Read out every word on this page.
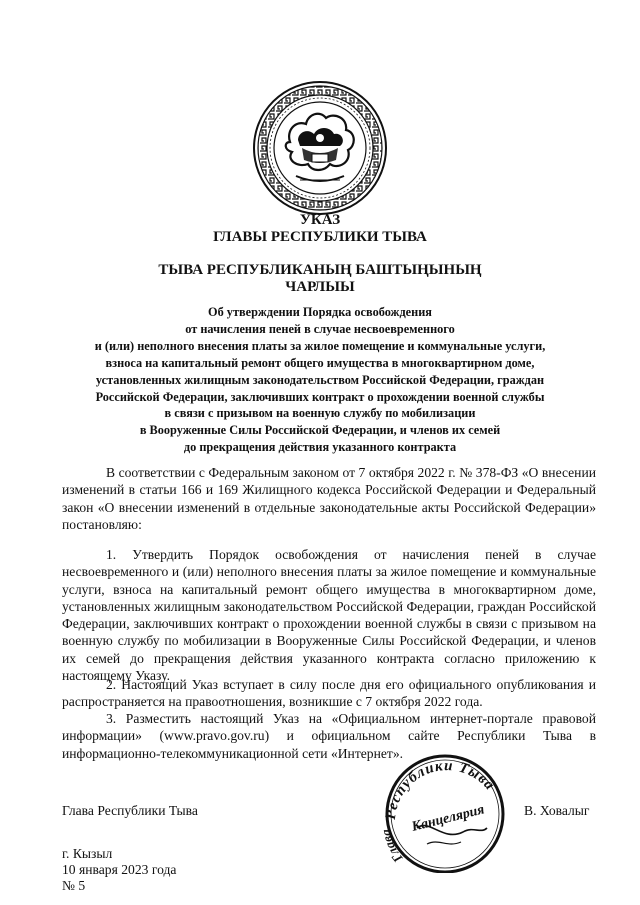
УКАЗ
ГЛАВЫ РЕСПУБЛИКИ ТЫВА
ТЫВА РЕСПУБЛИКАНЫҢ БАШТЫҢЫНЫҢ
ЧАРЛЫЫ
Об утверждении Порядка освобождения
от начисления пеней в случае несвоевременного
и (или) неполного внесения платы за жилое помещение и коммунальные услуги,
взноса на капитальный ремонт общего имущества в многоквартирном доме,
установленных жилищным законодательством Российской Федерации, граждан
Российской Федерации, заключивших контракт о прохождении военной службы
в связи с призывом на военную службу по мобилизации
в Вооруженные Силы Российской Федерации, и членов их семей
до прекращения действия указанного контракта

В соответствии с Федеральным законом от 7 октября 2022 г. № 378-ФЗ «О внесении изменений в статьи 166 и 169 Жилищного кодекса Российской Федерации и Федеральный закон «О внесении изменений в отдельные законодательные акты Российской Федерации» постановляю:

1. Утвердить Порядок освобождения от начисления пеней в случае несвоевременного и (или) неполного внесения платы за жилое помещение и коммунальные услуги, взноса на капитальный ремонт общего имущества в многоквартирном доме, установленных жилищным законодательством Российской Федерации, граждан Российской Федерации, заключивших контракт о прохождении военной службы в связи с призывом на военную службу по мобилизации в Вооруженные Силы Российской Федерации, и членов их семей до прекращения действия указанного контракта согласно приложению к настоящему Указу.

2. Настоящий Указ вступает в силу после дня его официального опубликования и распространяется на правоотношения, возникшие с 7 октября 2022 года.

3. Разместить настоящий Указ на «Официальном интернет-портале правовой информации» (www.pravo.gov.ru) и официальном сайте Республики Тыва в информационно-телекоммуникационной сети «Интернет».

Глава Республики Тыва	Республики Тыва
Глава	Канцелярия	В. Ховалыг
г. Кызыл
10 января 2023 года
№ 5
